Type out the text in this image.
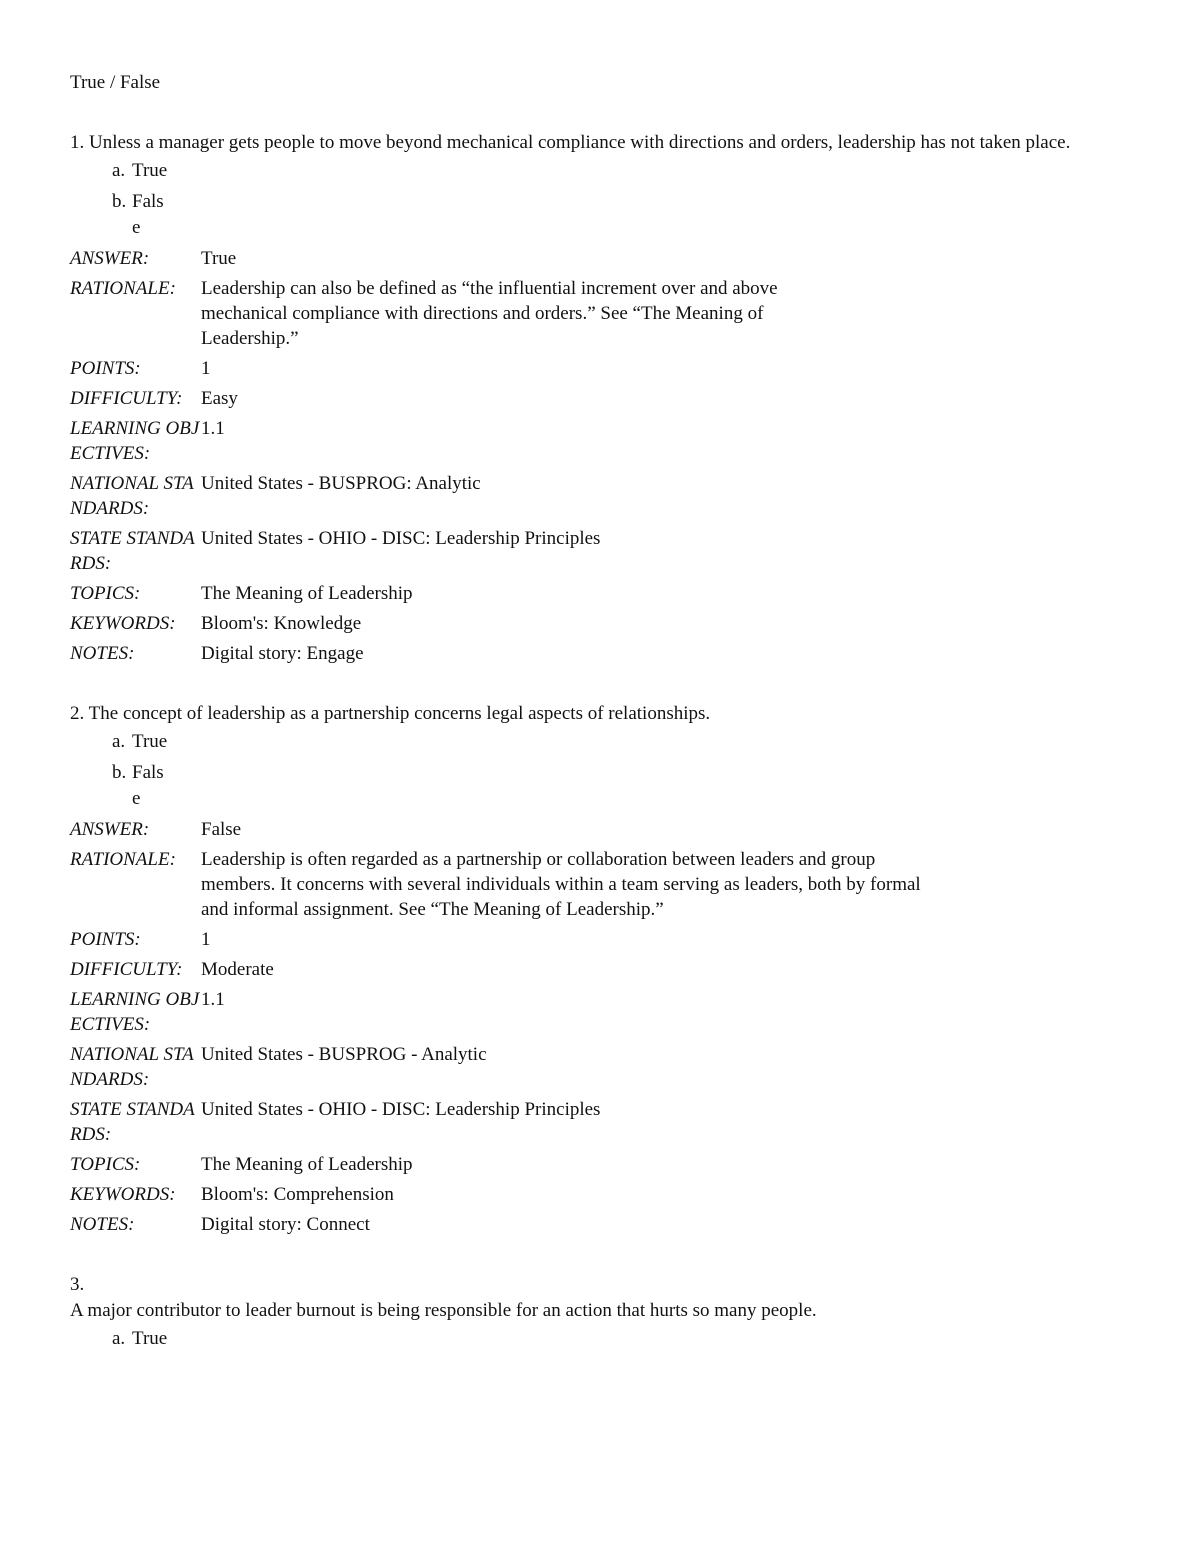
True / False
1. Unless a manager gets people to move beyond mechanical compliance with directions and orders, leadership has not taken place.
a. True
b. False
ANSWER:	True
RATIONALE:	Leadership can also be defined as “the influential increment over and above mechanical compliance with directions and orders.” See “The Meaning of Leadership.”
POINTS:	1
DIFFICULTY: Easy
LEARNING OBJECTIVES:
1.1
NATIONAL STANDARDS:
United States - BUSPROG: Analytic
STATE STANDARDS:
United States - OHIO - DISC: Leadership Principles
TOPICS:	The Meaning of Leadership
KEYWORDS:	Bloom's: Knowledge
NOTES:	Digital story: Engage
2. The concept of leadership as a partnership concerns legal aspects of relationships.
a. True
b. False
ANSWER:	False
RATIONALE:	Leadership is often regarded as a partnership or collaboration between leaders and group members. It concerns with several individuals within a team serving as leaders, both by formal and informal assignment. See “The Meaning of Leadership.”
POINTS:	1
DIFFICULTY: Moderate
LEARNING OBJECTIVES:
1.1
NATIONAL STANDARDS:
United States - BUSPROG - Analytic
STATE STANDARDS:
United States - OHIO - DISC: Leadership Principles
TOPICS:	The Meaning of Leadership
KEYWORDS:	Bloom's: Comprehension
NOTES:	Digital story: Connect
3.
A major contributor to leader burnout is being responsible for an action that hurts so many people.
a. True
